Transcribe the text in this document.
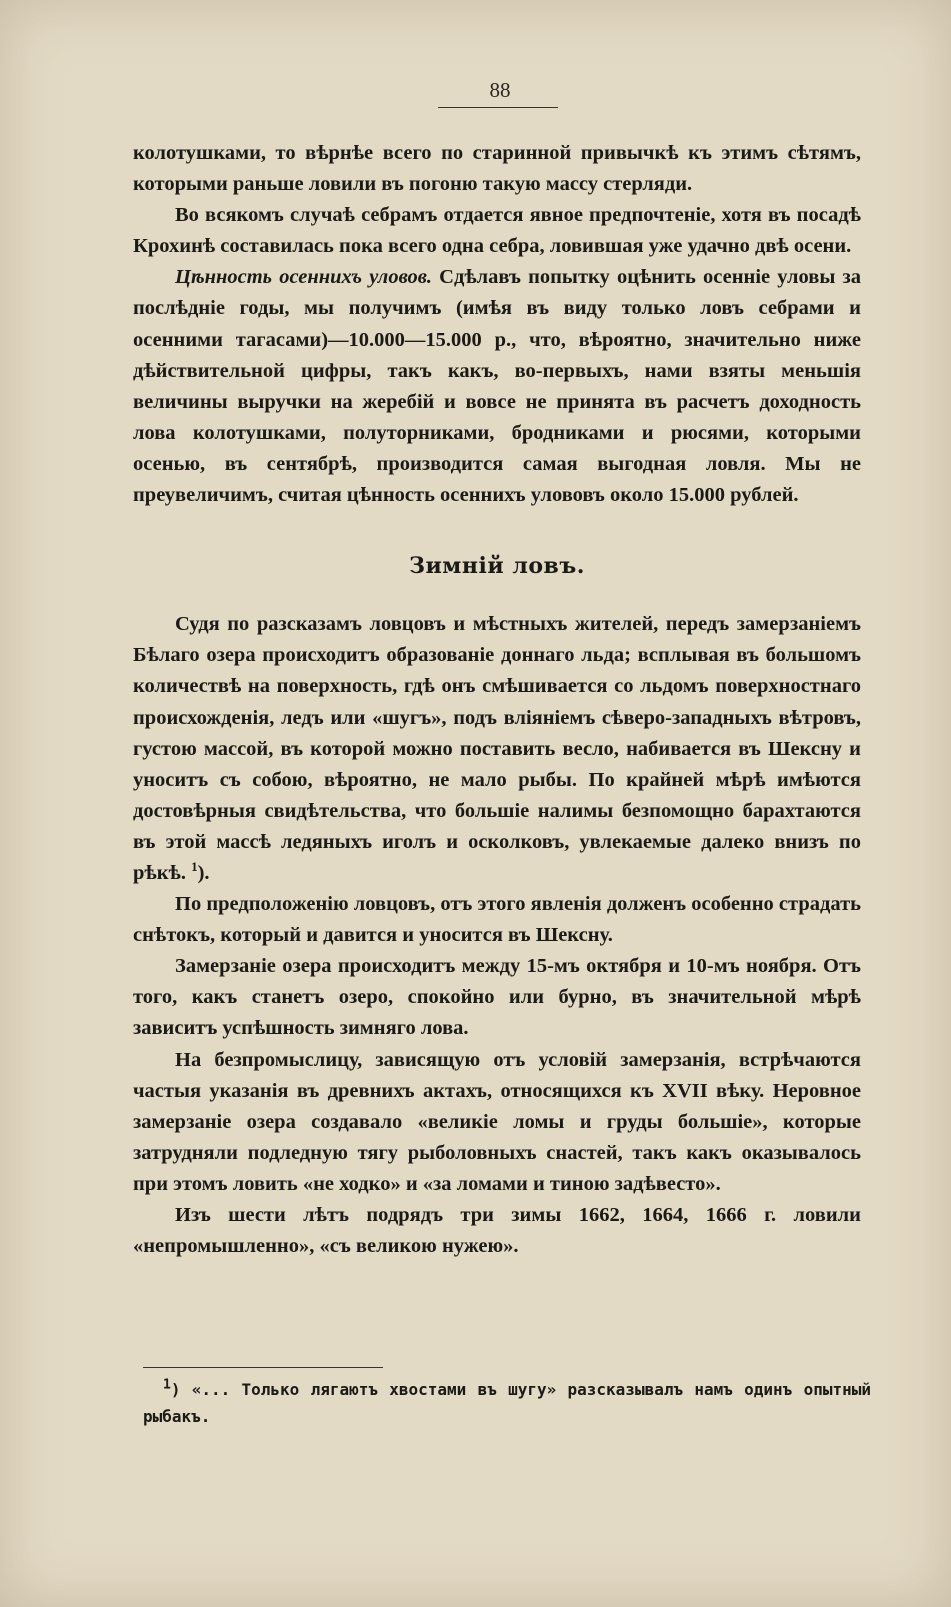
88

колотушками, то вѣрнѣе всего по старинной привычкѣ къ этимъ сѣтямъ, которыми раньше ловили въ погоню такую массу стерляди.

Во всякомъ случаѣ себрамъ отдается явное предпочтеніе, хотя въ посадѣ Крохинѣ составилась пока всего одна себра, ловившая уже удачно двѣ осени.

Цѣнность осеннихъ уловов. Сдѣлавъ попытку оцѣнить осенніе уловы за послѣдніе годы, мы получимъ (имѣя въ виду только ловъ себрами и осенними тагасами)—10.000—15.000 р., что, вѣроятно, значительно ниже дѣйствительной цифры, такъ какъ, во-первыхъ, нами взяты меньшія величины выручки на жеребій и вовсе не принята въ расчетъ доходность лова колотушками, полуторниками, бродниками и рюсями, которыми осенью, въ сентябрѣ, производится самая выгодная ловля. Мы не преувеличимъ, считая цѣнность осеннихъ улововъ около 15.000 рублей.

Зимній ловъ.

Судя по разсказамъ ловцовъ и мѣстныхъ жителей, передъ замерзаніемъ Бѣлаго озера происходитъ образованіе доннаго льда; всплывая въ большомъ количествѣ на поверхность, гдѣ онъ смѣшивается со льдомъ поверхностнаго происхожденія, ледъ или «шугъ», подъ вліяніемъ сѣверо-западныхъ вѣтровъ, густою массой, въ которой можно поставить весло, набивается въ Шексну и уноситъ съ собою, вѣроятно, не мало рыбы. По крайней мѣрѣ имѣются достовѣрныя свидѣтельства, что большіе налимы безпомощно барахтаются въ этой массѣ ледяныхъ иголъ и осколковъ, увлекаемые далеко внизъ по рѣкѣ. $^1$).

По предположенію ловцовъ, отъ этого явленія долженъ особенно страдать снѣтокъ, который и давится и уносится въ Шексну.

Замерзаніе озера происходитъ между 15-мъ октября и 10-мъ ноября. Отъ того, какъ станетъ озеро, спокойно или бурно, въ значительной мѣрѣ зависитъ успѣшность зимняго лова.

На безпромыслицу, зависящую отъ условій замерзанія, встрѣчаются частыя указанія въ древнихъ актахъ, относящихся къ XVII вѣку. Неровное замерзаніе озера создавало «великіе ломы и груды большіе», которые затрудняли подледную тягу рыболовныхъ снастей, такъ какъ оказывалось при этомъ ловить «не ходко» и «за ломами и тиною задѣвесто».

Изъ шести лѣтъ подрядъ три зимы 1662, 1664, 1666 г. ловили «непромышленно», «съ великою нужею».

$^1$) «... Только лягаютъ хвостами въ шугу» разсказывалъ намъ одинъ опытный рыбакъ.
